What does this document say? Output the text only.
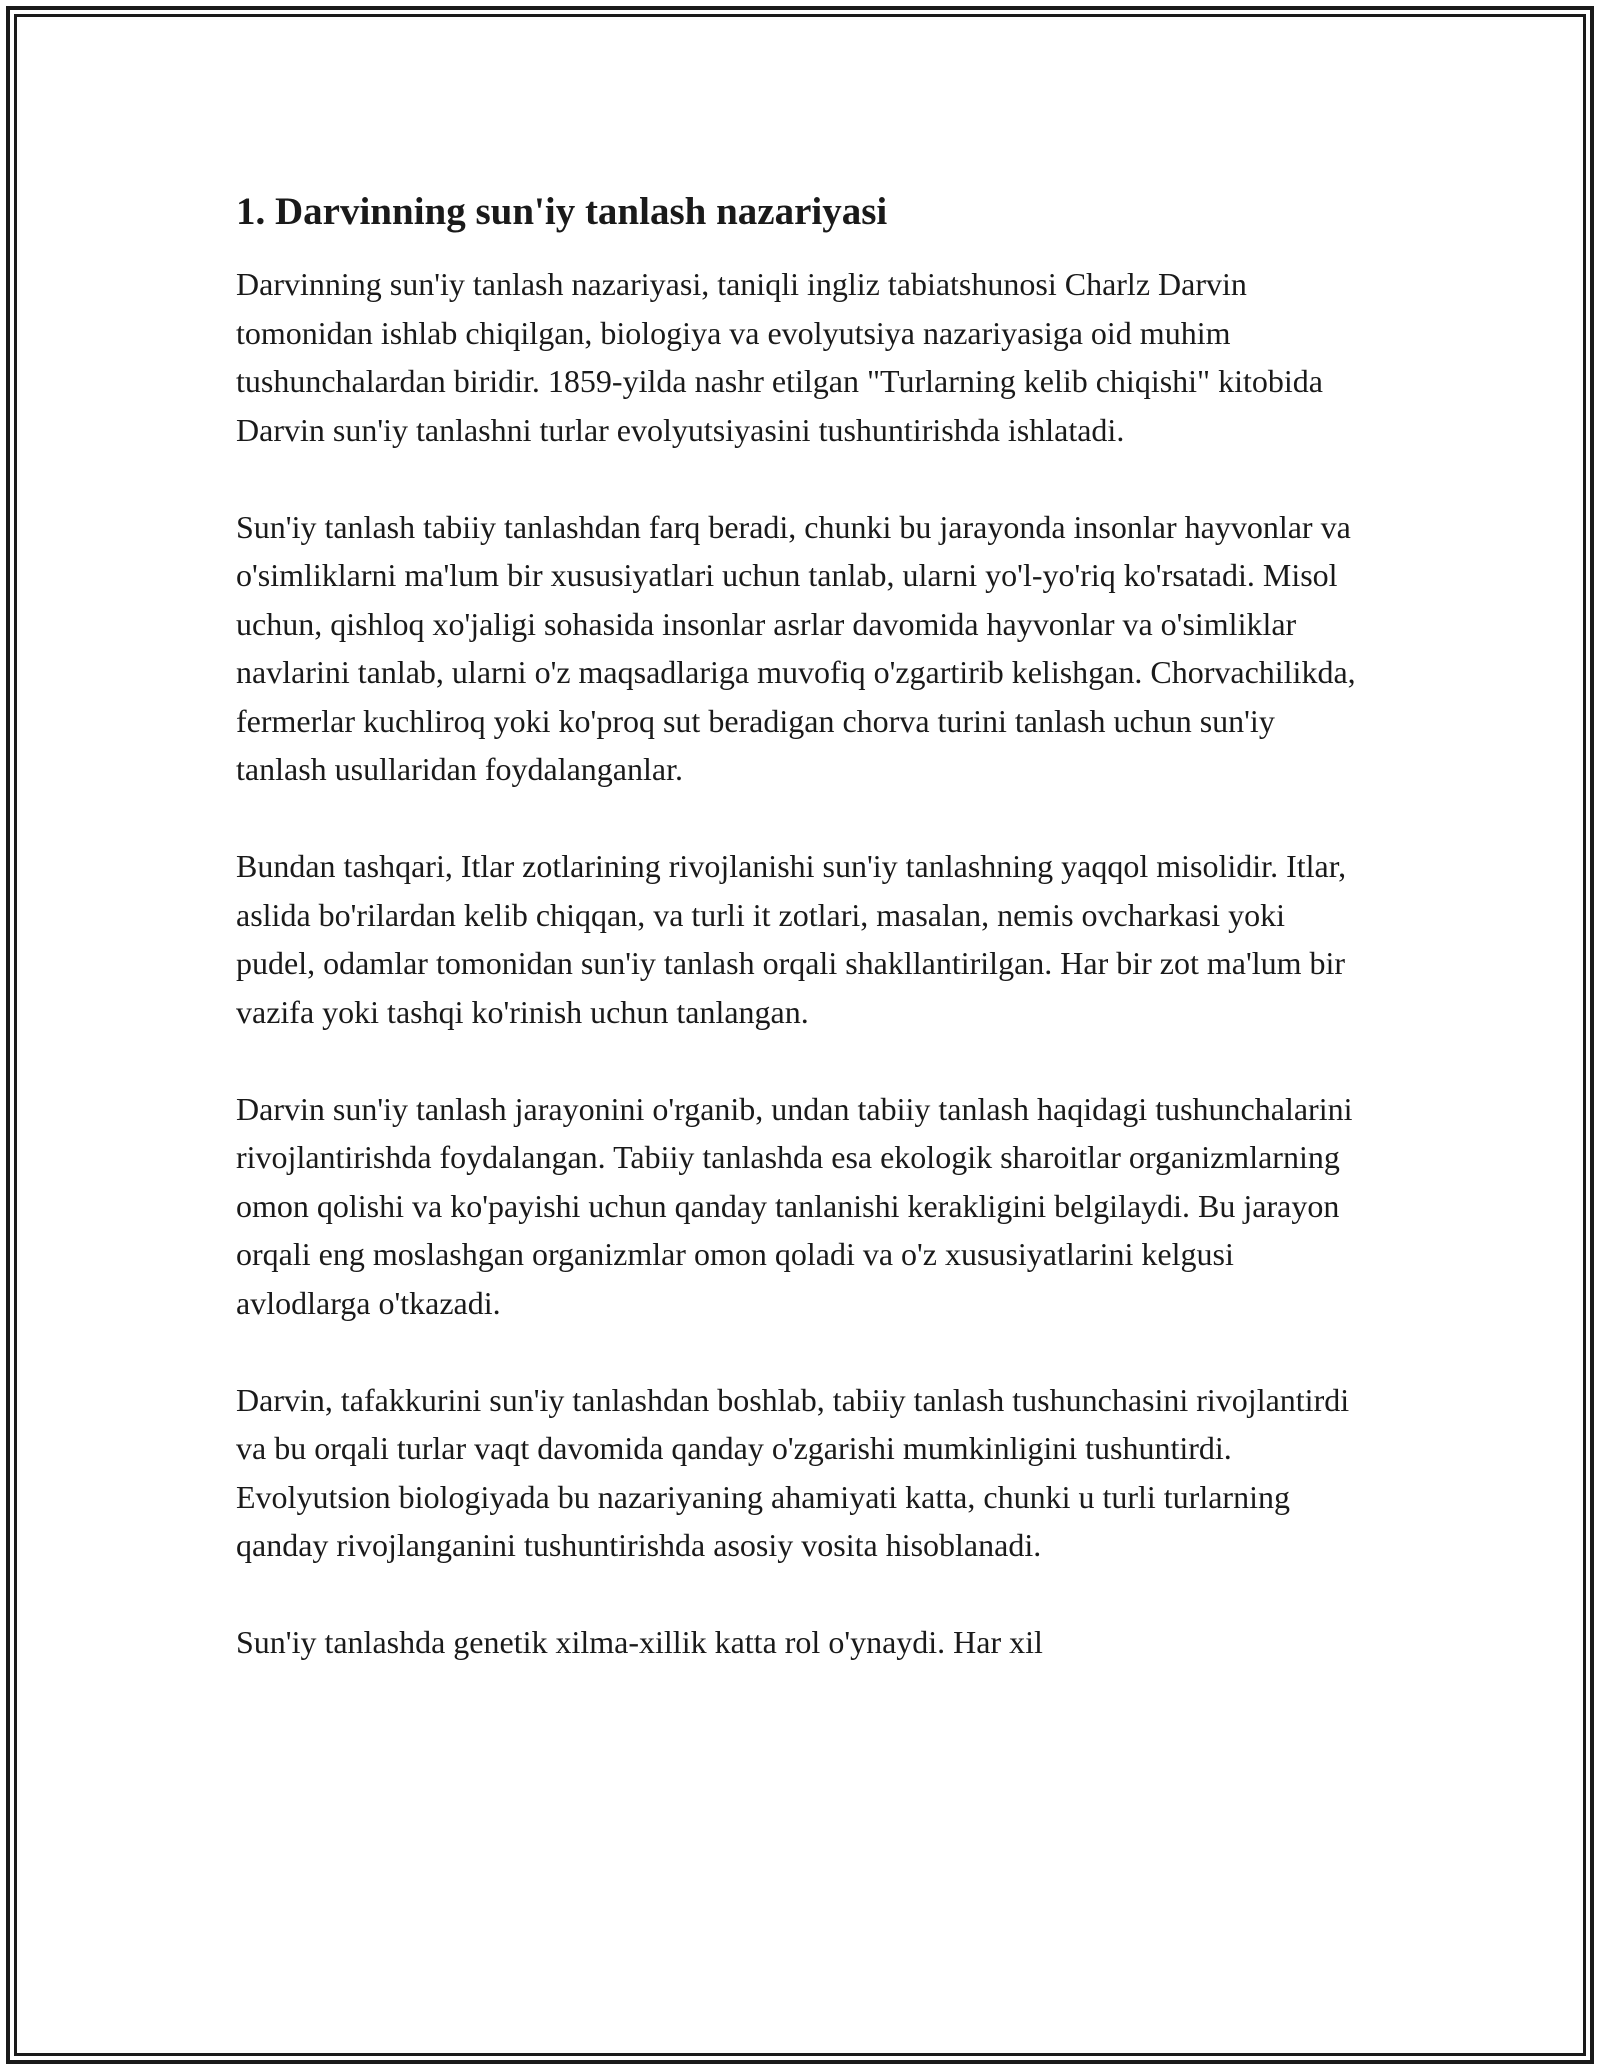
1. Darvinning sun'iy tanlash nazariyasi

Darvinning sun'iy tanlash nazariyasi, taniqli ingliz tabiatshunosi Charlz Darvin tomonidan ishlab chiqilgan, biologiya va evolyutsiya nazariyasiga oid muhim tushunchalardan biridir. 1859-yilda nashr etilgan "Turlarning kelib chiqishi" kitobida Darvin sun'iy tanlashni turlar evolyutsiyasini tushuntirishda ishlatadi.

Sun'iy tanlash tabiiy tanlashdan farq beradi, chunki bu jarayonda insonlar hayvonlar va o'simliklarni ma'lum bir xususiyatlari uchun tanlab, ularni yo'l-yo'riq ko'rsatadi. Misol uchun, qishloq xo'jaligi sohasida insonlar asrlar davomida hayvonlar va o'simliklar navlarini tanlab, ularni o'z maqsadlariga muvofiq o'zgartirib kelishgan. Chorvachilikda, fermerlar kuchliroq yoki ko'proq sut beradigan chorva turini tanlash uchun sun'iy tanlash usullaridan foydalanganlar.

Bundan tashqari, Itlar zotlarining rivojlanishi sun'iy tanlashning yaqqol misolidir. Itlar, aslida bo'rilardan kelib chiqqan, va turli it zotlari, masalan, nemis ovcharkasi yoki pudel, odamlar tomonidan sun'iy tanlash orqali shakllantirilgan. Har bir zot ma'lum bir vazifa yoki tashqi ko'rinish uchun tanlangan.

Darvin sun'iy tanlash jarayonini o'rganib, undan tabiiy tanlash haqidagi tushunchalarini rivojlantirishda foydalangan. Tabiiy tanlashda esa ekologik sharoitlar organizmlarning omon qolishi va ko'payishi uchun qanday tanlanishi kerakligini belgilaydi. Bu jarayon orqali eng moslashgan organizmlar omon qoladi va o'z xususiyatlarini kelgusi avlodlarga o'tkazadi.

Darvin, tafakkurini sun'iy tanlashdan boshlab, tabiiy tanlash tushunchasini rivojlantirdi va bu orqali turlar vaqt davomida qanday o'zgarishi mumkinligini tushuntirdi. Evolyutsion biologiyada bu nazariyaning ahamiyati katta, chunki u turli turlarning qanday rivojlanganini tushuntirishda asosiy vosita hisoblanadi.

Sun'iy tanlashda genetik xilma-xillik katta rol o'ynaydi. Har xil
